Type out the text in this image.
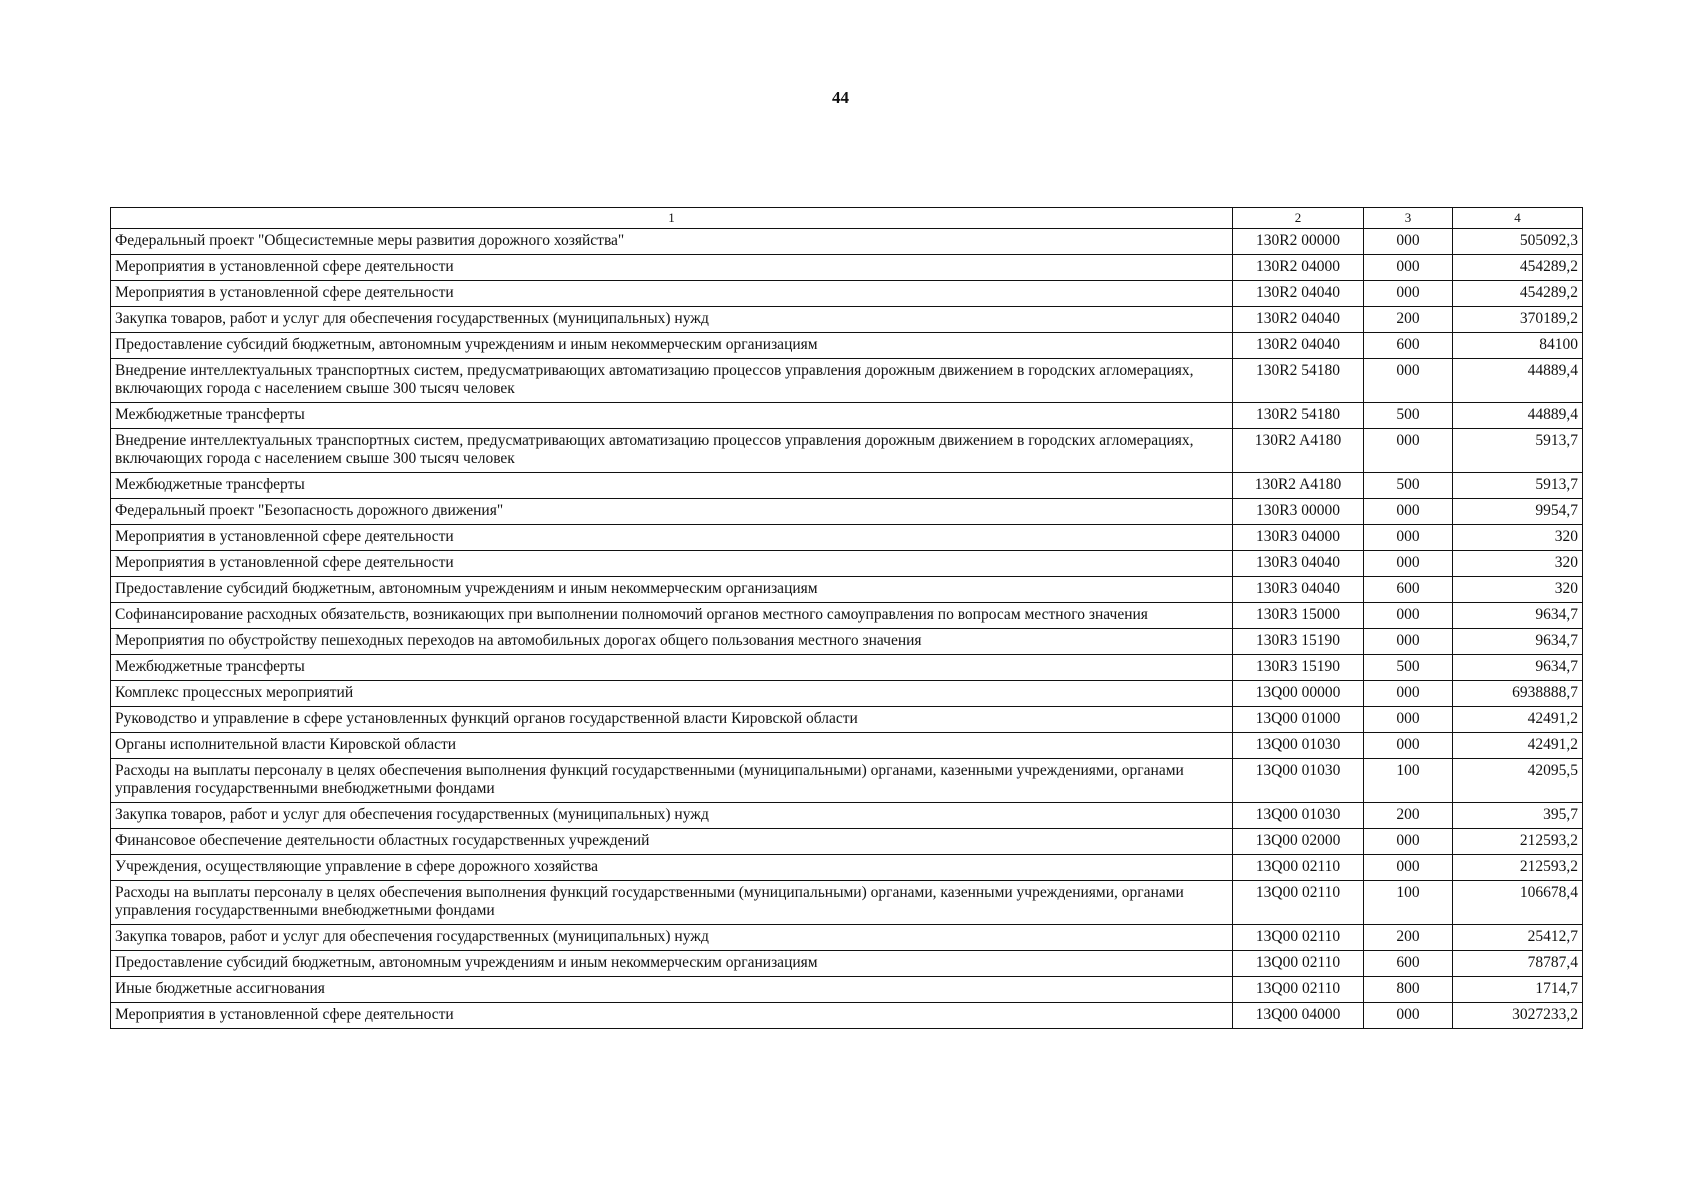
44
1	2	3	4
Федеральный проект "Общесистемные меры развития дорожного хозяйства"	130R2 00000	000	505092,3
Мероприятия в установленной сфере деятельности	130R2 04000	000	454289,2
Мероприятия в установленной сфере деятельности	130R2 04040	000	454289,2
Закупка товаров, работ и услуг для обеспечения государственных (муниципальных) нужд	130R2 04040	200	370189,2
Предоставление субсидий бюджетным, автономным учреждениям и иным некоммерческим организациям	130R2 04040	600	84100
Внедрение интеллектуальных транспортных систем, предусматривающих автоматизацию процессов управления дорожным движением в городских агломерациях, включающих города с населением свыше 300 тысяч человек	130R2 54180	000	44889,4
Межбюджетные трансферты	130R2 54180	500	44889,4
Внедрение интеллектуальных транспортных систем, предусматривающих автоматизацию процессов управления дорожным движением в городских агломерациях, включающих города с населением свыше 300 тысяч человек	130R2 A4180	000	5913,7
Межбюджетные трансферты	130R2 A4180	500	5913,7
Федеральный проект "Безопасность дорожного движения"	130R3 00000	000	9954,7
Мероприятия в установленной сфере деятельности	130R3 04000	000	320
Мероприятия в установленной сфере деятельности	130R3 04040	000	320
Предоставление субсидий бюджетным, автономным учреждениям и иным некоммерческим организациям	130R3 04040	600	320
Софинансирование расходных обязательств, возникающих при выполнении полномочий органов местного самоуправления по вопросам местного значения	130R3 15000	000	9634,7
Мероприятия по обустройству пешеходных переходов на автомобильных дорогах общего пользования местного значения	130R3 15190	000	9634,7
Межбюджетные трансферты	130R3 15190	500	9634,7
Комплекс процессных мероприятий	13Q00 00000	000	6938888,7
Руководство и управление в сфере установленных функций органов государственной власти Кировской области	13Q00 01000	000	42491,2
Органы исполнительной власти Кировской области	13Q00 01030	000	42491,2
Расходы на выплаты персоналу в целях обеспечения выполнения функций государственными (муниципальными) органами, казенными учреждениями, органами управления государственными внебюджетными фондами	13Q00 01030	100	42095,5
Закупка товаров, работ и услуг для обеспечения государственных (муниципальных) нужд	13Q00 01030	200	395,7
Финансовое обеспечение деятельности областных государственных учреждений	13Q00 02000	000	212593,2
Учреждения, осуществляющие управление в сфере дорожного хозяйства	13Q00 02110	000	212593,2
Расходы на выплаты персоналу в целях обеспечения выполнения функций государственными (муниципальными) органами, казенными учреждениями, органами управления государственными внебюджетными фондами	13Q00 02110	100	106678,4
Закупка товаров, работ и услуг для обеспечения государственных (муниципальных) нужд	13Q00 02110	200	25412,7
Предоставление субсидий бюджетным, автономным учреждениям и иным некоммерческим организациям	13Q00 02110	600	78787,4
Иные бюджетные ассигнования	13Q00 02110	800	1714,7
Мероприятия в установленной сфере деятельности	13Q00 04000	000	3027233,2
